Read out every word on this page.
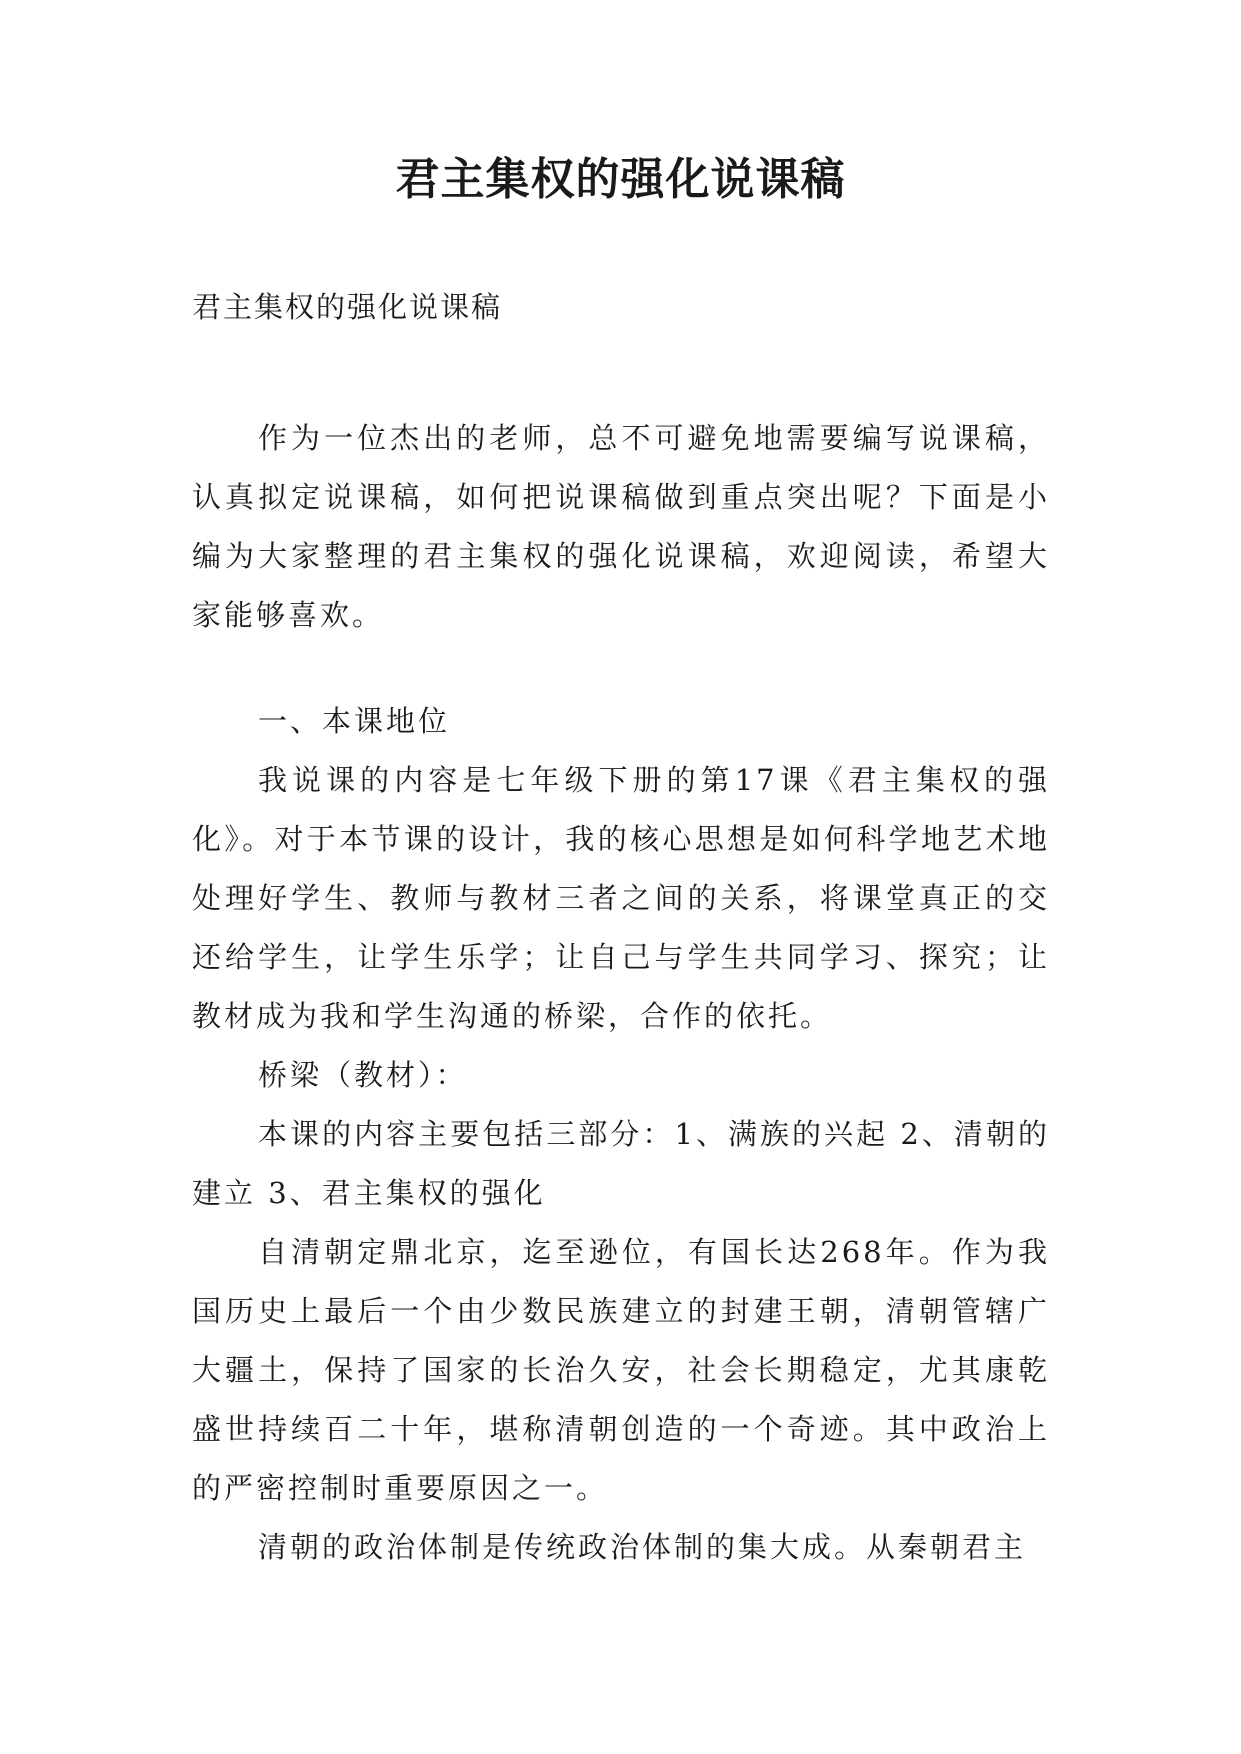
君主集权的强化说课稿

君主集权的强化说课稿

作为一位杰出的老师，总不可避免地需要编写说课稿，认真拟定说课稿，如何把说课稿做到重点突出呢？下面是小编为大家整理的君主集权的强化说课稿，欢迎阅读，希望大家能够喜欢。

一、本课地位

我说课的内容是七年级下册的第17课《君主集权的强化》。对于本节课的设计，我的核心思想是如何科学地艺术地处理好学生、教师与教材三者之间的关系，将课堂真正的交还给学生，让学生乐学；让自己与学生共同学习、探究；让教材成为我和学生沟通的桥梁，合作的依托。

桥梁（教材）：

本课的内容主要包括三部分：1、满族的兴起 2、清朝的建立 3、君主集权的强化

自清朝定鼎北京，迄至逊位，有国长达268年。作为我国历史上最后一个由少数民族建立的封建王朝，清朝管辖广大疆土，保持了国家的长治久安，社会长期稳定，尤其康乾盛世持续百二十年，堪称清朝创造的一个奇迹。其中政治上的严密控制时重要原因之一。

清朝的政治体制是传统政治体制的集大成。从秦朝君主
